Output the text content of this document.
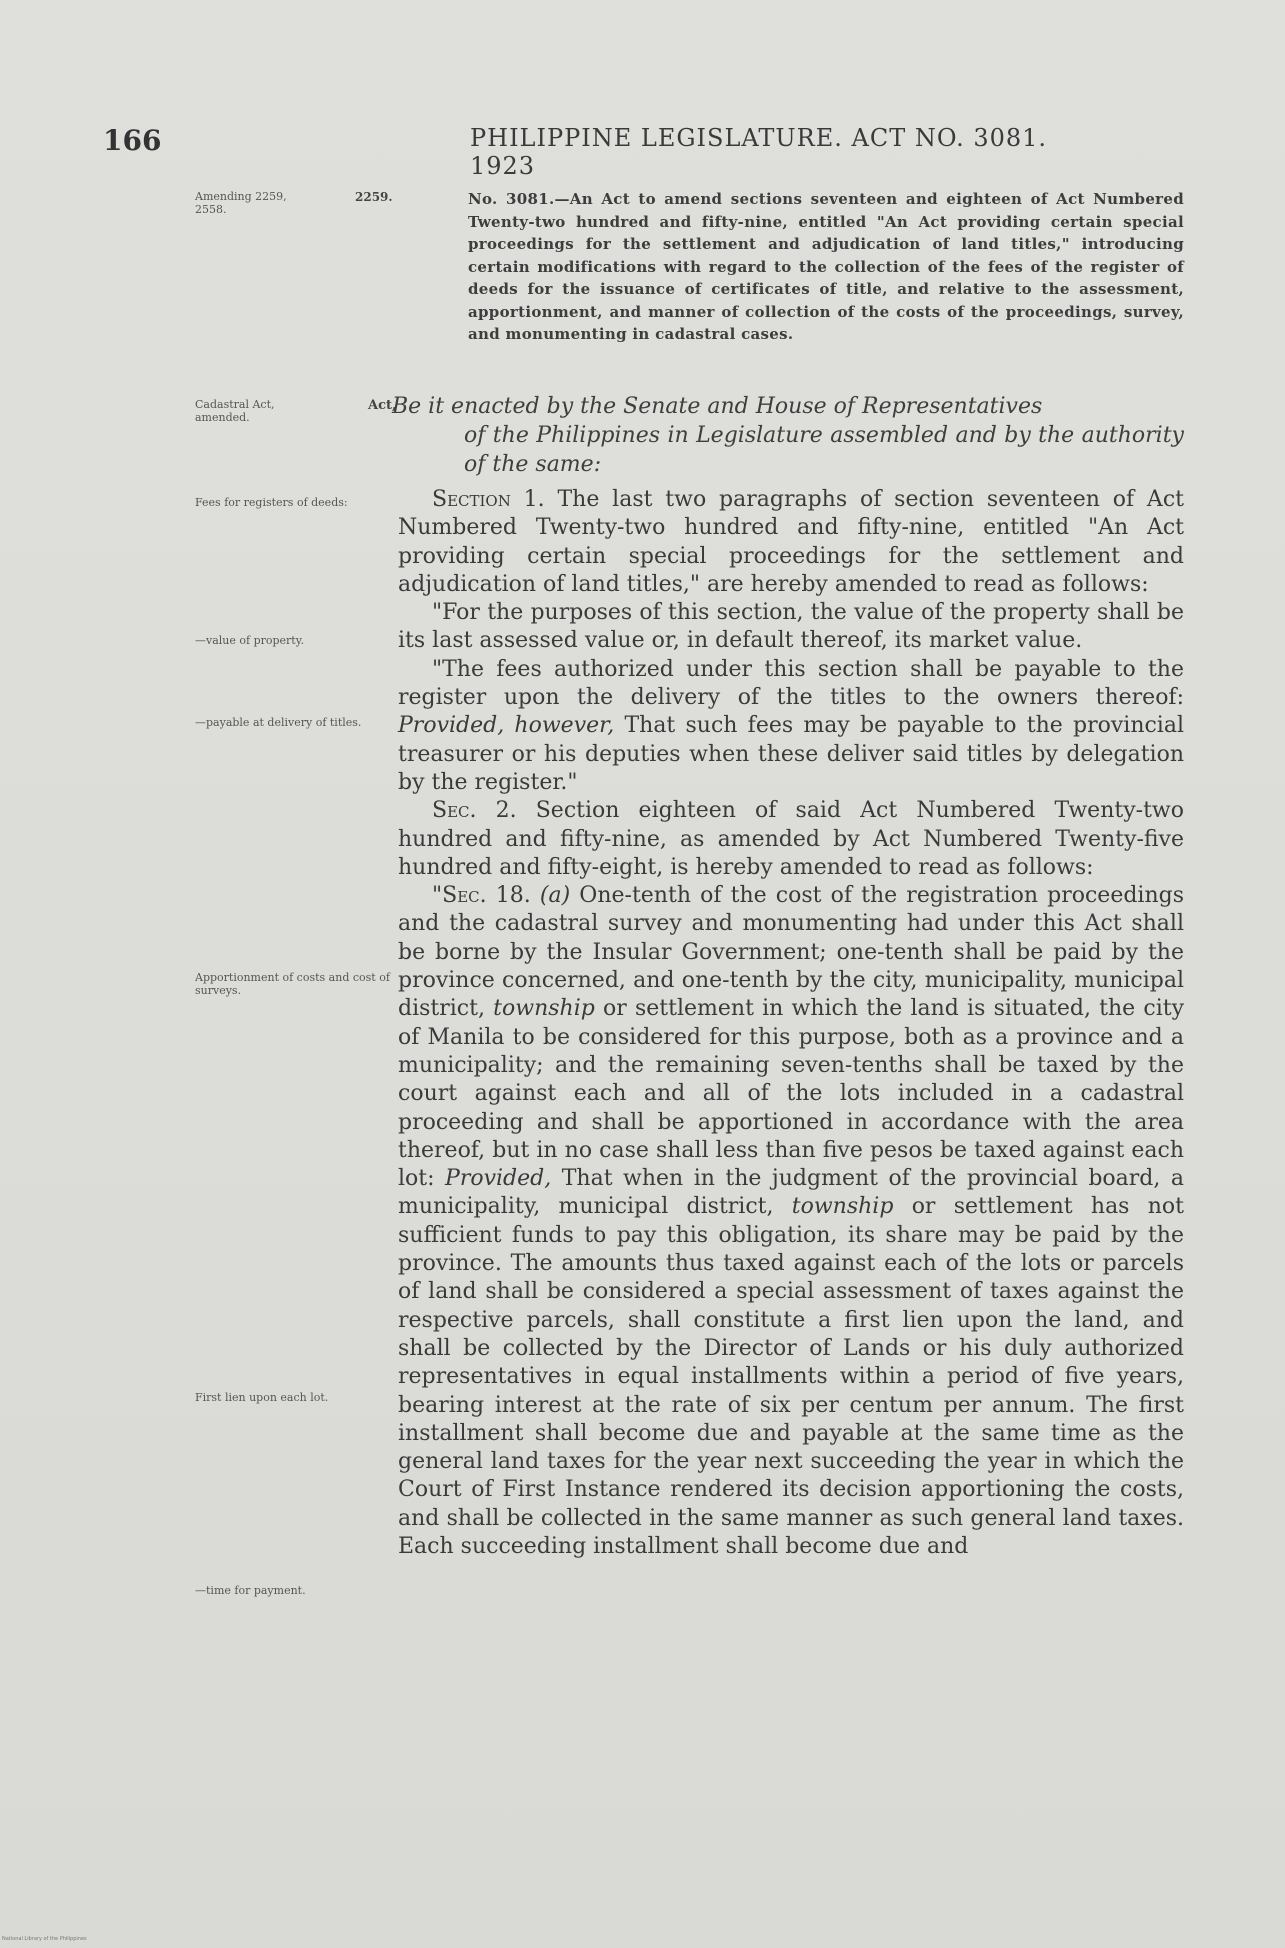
166	PHILIPPINE LEGISLATURE. ACT NO. 3081. 1923
Amending 2259, 2558.
Cadastral Act, amended.
Fees for registers of deeds:
—value of property.
—payable at delivery of titles.
Apportionment of costs and cost of surveys.
First lien upon each lot.
—time for payment.
2259.	No. 3081.—An Act to amend sections seventeen and eighteen of Act Numbered Twenty-two hundred and fifty-nine, entitled "An Act providing certain special proceedings for the settlement and adjudication of land titles," introducing certain modifications with regard to the collection of the fees of the register of deeds for the issuance of certificates of title, and relative to the assessment, apportionment, and manner of collection of the costs of the proceedings, survey, and monumenting in cadastral cases.
Act,
Be it enacted by the Senate and House of Representatives
of the Philippines in Legislature assembled and by the authority of the same:

Section 1. The last two paragraphs of section seventeen of Act Numbered Twenty-two hundred and fifty-nine, entitled "An Act providing certain special proceedings for the settlement and adjudication of land titles," are hereby amended to read as follows:

"For the purposes of this section, the value of the property shall be its last assessed value or, in default thereof, its market value.

"The fees authorized under this section shall be payable to the register upon the delivery of the titles to the owners thereof: Provided, however, That such fees may be payable to the provincial treasurer or his deputies when these deliver said titles by delegation by the register."

Sec. 2. Section eighteen of said Act Numbered Twenty-two hundred and fifty-nine, as amended by Act Numbered Twenty-five hundred and fifty-eight, is hereby amended to read as follows:

"Sec. 18. (a) One-tenth of the cost of the registration proceedings and the cadastral survey and monumenting had under this Act shall be borne by the Insular Government; one-tenth shall be paid by the province concerned, and one-tenth by the city, municipality, municipal district, township or settlement in which the land is situated, the city of Manila to be considered for this purpose, both as a province and a municipality; and the remaining seven-tenths shall be taxed by the court against each and all of the lots included in a cadastral proceeding and shall be apportioned in accordance with the area thereof, but in no case shall less than five pesos be taxed against each lot: Provided, That when in the judgment of the provincial board, a municipality, municipal district, township or settlement has not sufficient funds to pay this obligation, its share may be paid by the province. The amounts thus taxed against each of the lots or parcels of land shall be considered a special assessment of taxes against the respective parcels, shall constitute a first lien upon the land, and shall be collected by the Director of Lands or his duly authorized representatives in equal installments within a period of five years, bearing interest at the rate of six per centum per annum. The first installment shall become due and payable at the same time as the general land taxes for the year next succeeding the year in which the Court of First Instance rendered its decision apportioning the costs, and shall be collected in the same manner as such general land taxes. Each succeeding installment shall become due and

National Library of the Philippines
